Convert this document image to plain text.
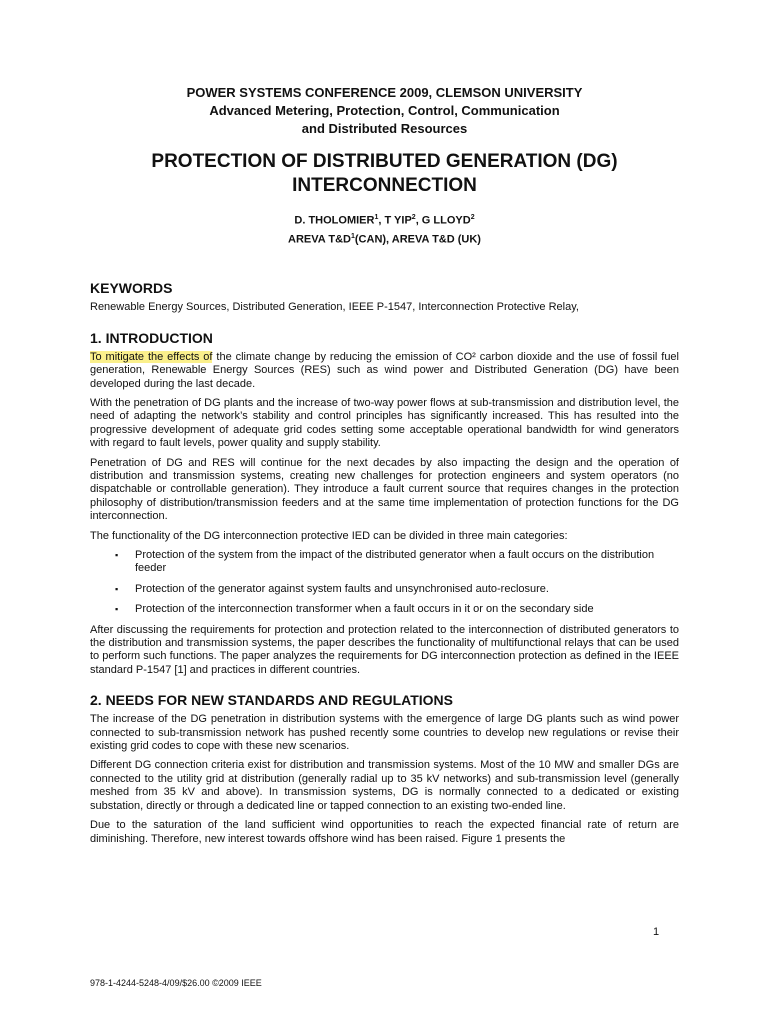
POWER SYSTEMS CONFERENCE 2009, CLEMSON UNIVERSITY
Advanced Metering, Protection, Control, Communication
and Distributed Resources
PROTECTION OF DISTRIBUTED GENERATION (DG)
INTERCONNECTION
D. THOLOMIER$^1$, T YIP$^2$, G LLOYD$^2$
AREVA $T\&D^1(CAN)$, AREVA T&D (UK)
KEYWORDS

Renewable Energy Sources, Distributed Generation, IEEE P-1547, Interconnection Protective Relay,

1. INTRODUCTION

To mitigate the effects of the climate change by reducing the emission of CO² carbon dioxide and the use of fossil fuel generation, Renewable Energy Sources (RES) such as wind power and Distributed Generation (DG) have been developed during the last decade.

With the penetration of DG plants and the increase of two-way power flows at sub-transmission and distribution level, the need of adapting the network’s stability and control principles has significantly increased. This has resulted into the progressive development of adequate grid codes setting some acceptable operational bandwidth for wind generators with regard to fault levels, power quality and supply stability.

Penetration of DG and RES will continue for the next decades by also impacting the design and the operation of distribution and transmission systems, creating new challenges for protection engineers and system operators (no dispatchable or controllable generation). They introduce a fault current source that requires changes in the protection philosophy of distribution/transmission feeders and at the same time implementation of protection functions for the DG interconnection.

The functionality of the DG interconnection protective IED can be divided in three main categories:

▪ Protection of the system from the impact of the distributed generator when a fault occurs on the distribution feeder
▪ Protection of the generator against system faults and unsynchronised auto-reclosure.
▪ Protection of the interconnection transformer when a fault occurs in it or on the secondary side

After discussing the requirements for protection and protection related to the interconnection of distributed generators to the distribution and transmission systems, the paper describes the functionality of multifunctional relays that can be used to perform such functions. The paper analyzes the requirements for DG interconnection protection as defined in the IEEE standard P-1547 [1] and practices in different countries.

2. NEEDS FOR NEW STANDARDS AND REGULATIONS

The increase of the DG penetration in distribution systems with the emergence of large DG plants such as wind power connected to sub-transmission network has pushed recently some countries to develop new regulations or revise their existing grid codes to cope with these new scenarios.

Different DG connection criteria exist for distribution and transmission systems. Most of the 10 MW and smaller DGs are connected to the utility grid at distribution (generally radial up to 35 kV networks) and sub-transmission level (generally meshed from 35 kV and above). In transmission systems, DG is normally connected to a dedicated or existing substation, directly or through a dedicated line or tapped connection to an existing two-ended line.

Due to the saturation of the land sufficient wind opportunities to reach the expected financial rate of return are diminishing. Therefore, new interest towards offshore wind has been raised. Figure 1 presents the

1
978-1-4244-5248-4/09/$26.00 ©2009 IEEE
